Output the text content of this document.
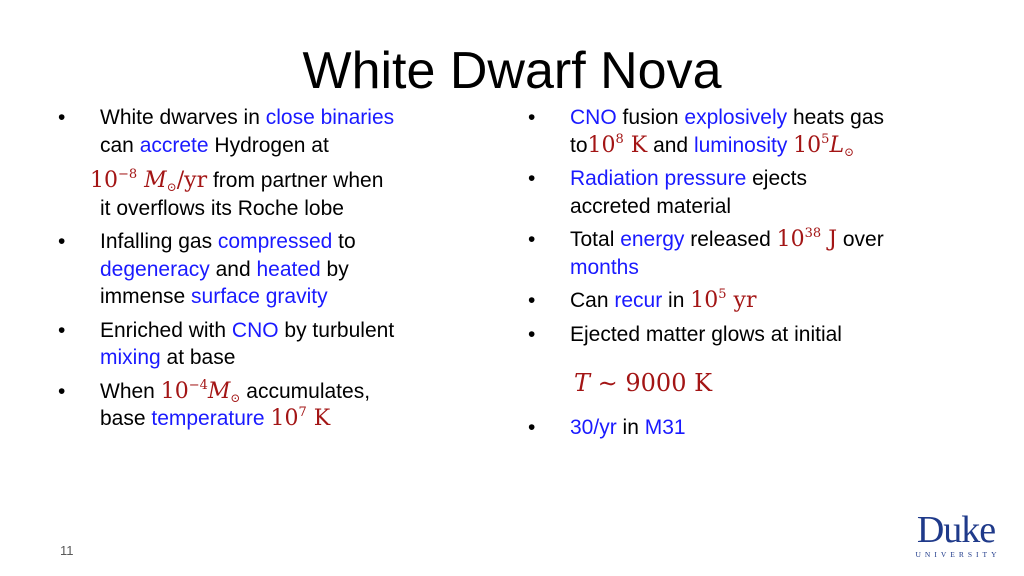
White Dwarf Nova
• White dwarves in close binaries
can accrete Hydrogen at
$10^{-8}$ $M_⊙/yr$ from partner when
it overflows its Roche lobe
• Infalling gas compressed to
degeneracy and heated by
immense surface gravity
• Enriched with CNO by turbulent
mixing at base
• When $10^{-4}M_⊙$ accumulates,
base temperature $10^7$ K
• CNO fusion explosively heats gas
$to10^8$ K and luminosity $10^5L_⊙$
• Radiation pressure ejects
accreted material
• Total energy released $10^{38}$ J over
months
• Can recur in $10^5$ yr
• Ejected matter glows at initial
T ∼ 9000 K
• 30/yr in M31
11	Duke
UNIVERSITY
